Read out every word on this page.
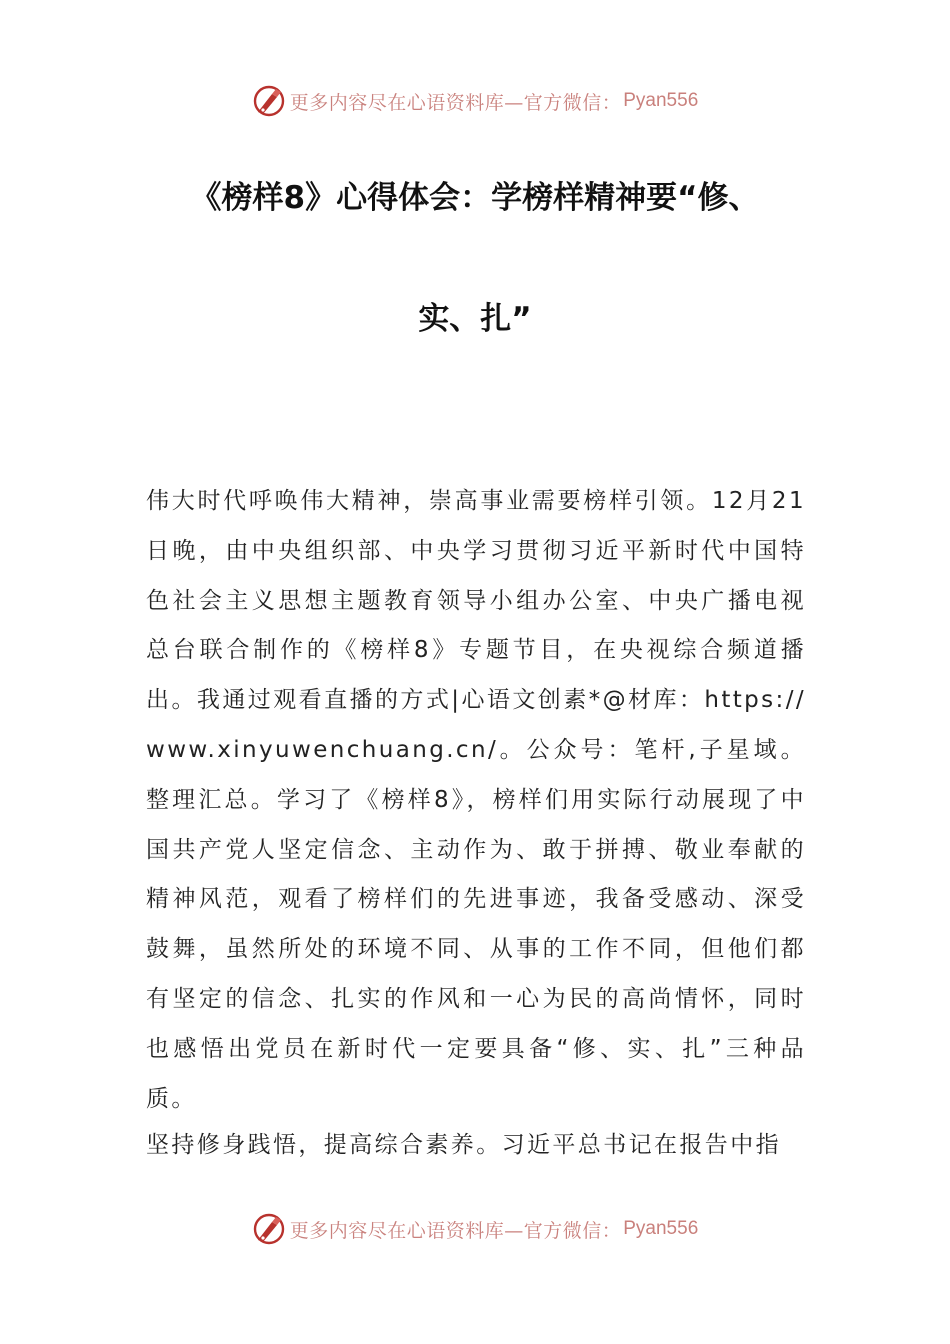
更多内容尽在心语资料库—官方微信： Pyan556
《榜样8》心得体会：学榜样精神要“修、
实、扎”

伟大时代呼唤伟大精神，崇高事业需要榜样引领。12月21日晚，由中央组织部、中央学习贯彻习近平新时代中国特色社会主义思想主题教育领导小组办公室、中央广播电视总台联合制作的《榜样8》专题节目，在央视综合频道播出。我通过观看直播的方式|心语文创素*@材库：https://www.xinyuwenchuang.cn/。公众号：笔杆,子星域。整理汇总。学习了《榜样8》，榜样们用实际行动展现了中国共产党人坚定信念、主动作为、敢于拼搏、敬业奉献的精神风范，观看了榜样们的先进事迹，我备受感动、深受鼓舞，虽然所处的环境不同、从事的工作不同，但他们都有坚定的信念、扎实的作风和一心为民的高尚情怀，同时也感悟出党员在新时代一定要具备“修、实、扎”三种品质。

坚持修身践悟，提高综合素养。习近平总书记在报告中指

更多内容尽在心语资料库—官方微信： Pyan556
